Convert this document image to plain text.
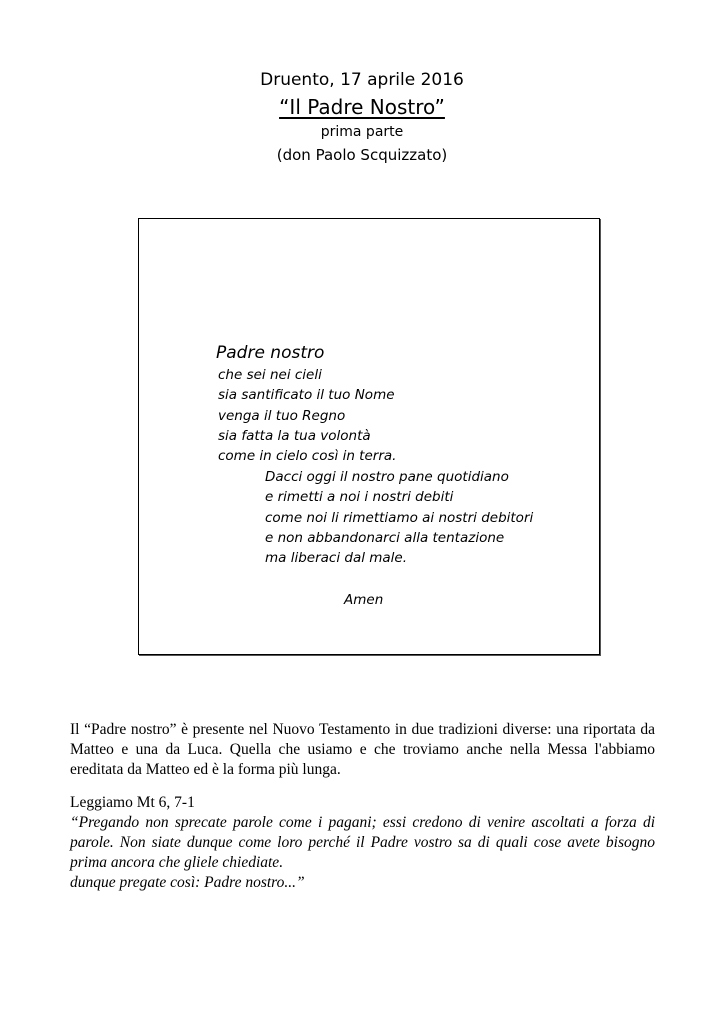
Druento, 17 aprile 2016
“Il Padre Nostro”
prima parte
(don Paolo Scquizzato)
Padre nostro
che sei nei cieli
sia santificato il tuo Nome
venga il tuo Regno
sia fatta la tua volontà
come in cielo così in terra.
Dacci oggi il nostro pane quotidiano
e rimetti a noi i nostri debiti
come noi li rimettiamo ai nostri debitori
e non abbandonarci alla tentazione
ma liberaci dal male.
Amen
Il “Padre nostro” è presente nel Nuovo Testamento in due tradizioni diverse: una riportata da Matteo e una da Luca. Quella che usiamo e che troviamo anche nella Messa l'abbiamo ereditata da Matteo ed è la forma più lunga.
Leggiamo Mt 6, 7-1
“Pregando non sprecate parole come i pagani; essi credono di venire ascoltati a forza di parole. Non siate dunque come loro perché il Padre vostro sa di quali cose avete bisogno prima ancora che gliele chiediate.
dunque pregate così: Padre nostro...”
